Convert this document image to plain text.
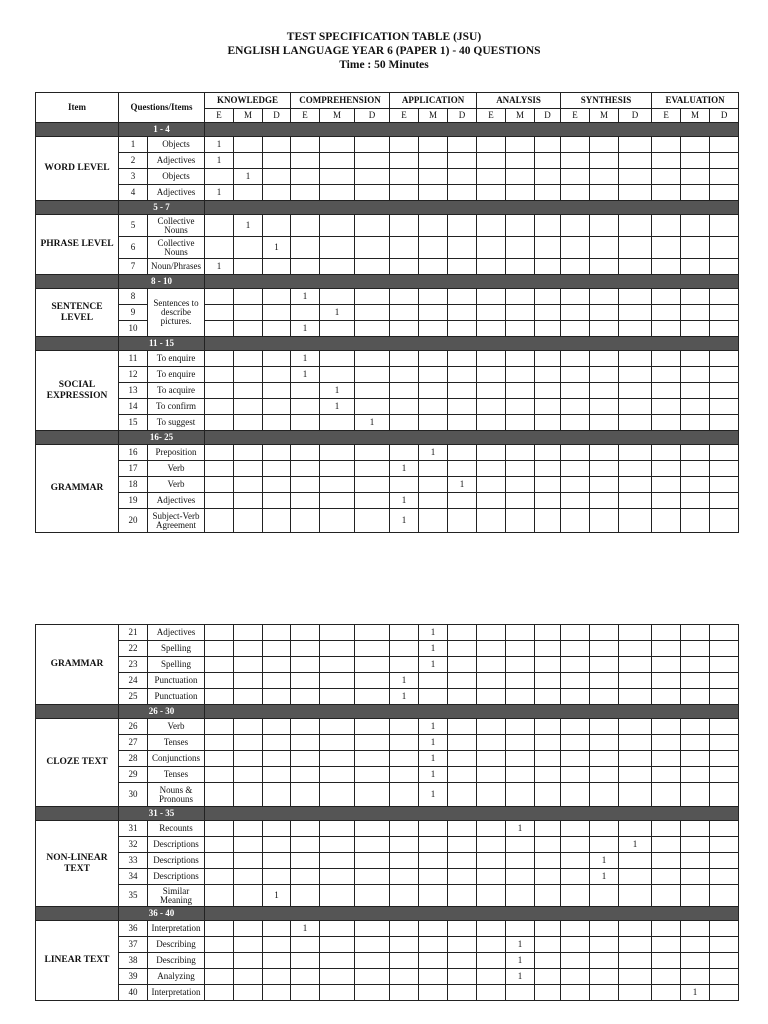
TEST SPECIFICATION TABLE (JSU)
ENGLISH LANGUAGE YEAR 6 (PAPER 1) - 40 QUESTIONS
Time : 50 Minutes
Item	Questions/Items		KNOWLEDGE			COMPREHENSION			APPLICATION			ANALYSIS			SYNTHESIS			EVALUATION		
			E	M	D	E	M	D	E	M	D	E	M	D	E	M	D	E	M	D
	1 - 4																			
WORD LEVEL	1	Objects	1																	
	2	Adjectives	1																	
	3	Objects		1																
	4	Adjectives	1																	
	5 - 7																			
PHRASE LEVEL	5	Collective Nouns		1																
	6	Collective Nouns			1															
	7	Noun/Phrases	1																	
	8 - 10																			
SENTENCE LEVEL	8	Sentences to describe pictures.				1														
	9						1													
	10					1														
	11 - 15																			
SOCIAL EXPRESSION	11	To enquire				1														
	12	To enquire				1														
	13	To acquire					1													
	14	To confirm					1													
	15	To suggest						1												
	16- 25																			
GRAMMAR	16	Preposition								1										
	17	Verb							1											
	18	Verb									1									
	19	Adjectives							1											
	20	Subject-Verb Agreement							1											
GRAMMAR	21	Adjectives								1										
	22	Spelling								1										
	23	Spelling								1										
	24	Punctuation							1											
	25	Punctuation							1											
	26 - 30																			
CLOZE TEXT	26	Verb								1										
	27	Tenses								1										
	28	Conjunctions								1										
	29	Tenses								1										
	30	Nouns & Pronouns								1										
	31 - 35																			
NON-LINEAR TEXT	31	Recounts											1							
	32	Descriptions															1			
	33	Descriptions														1				
	34	Descriptions														1				
	35	Similar Meaning			1															
	36 - 40																			
LINEAR TEXT	36	Interpretation				1														
	37	Describing											1							
	38	Describing											1							
	39	Analyzing											1							
	40	Interpretation																	1	
